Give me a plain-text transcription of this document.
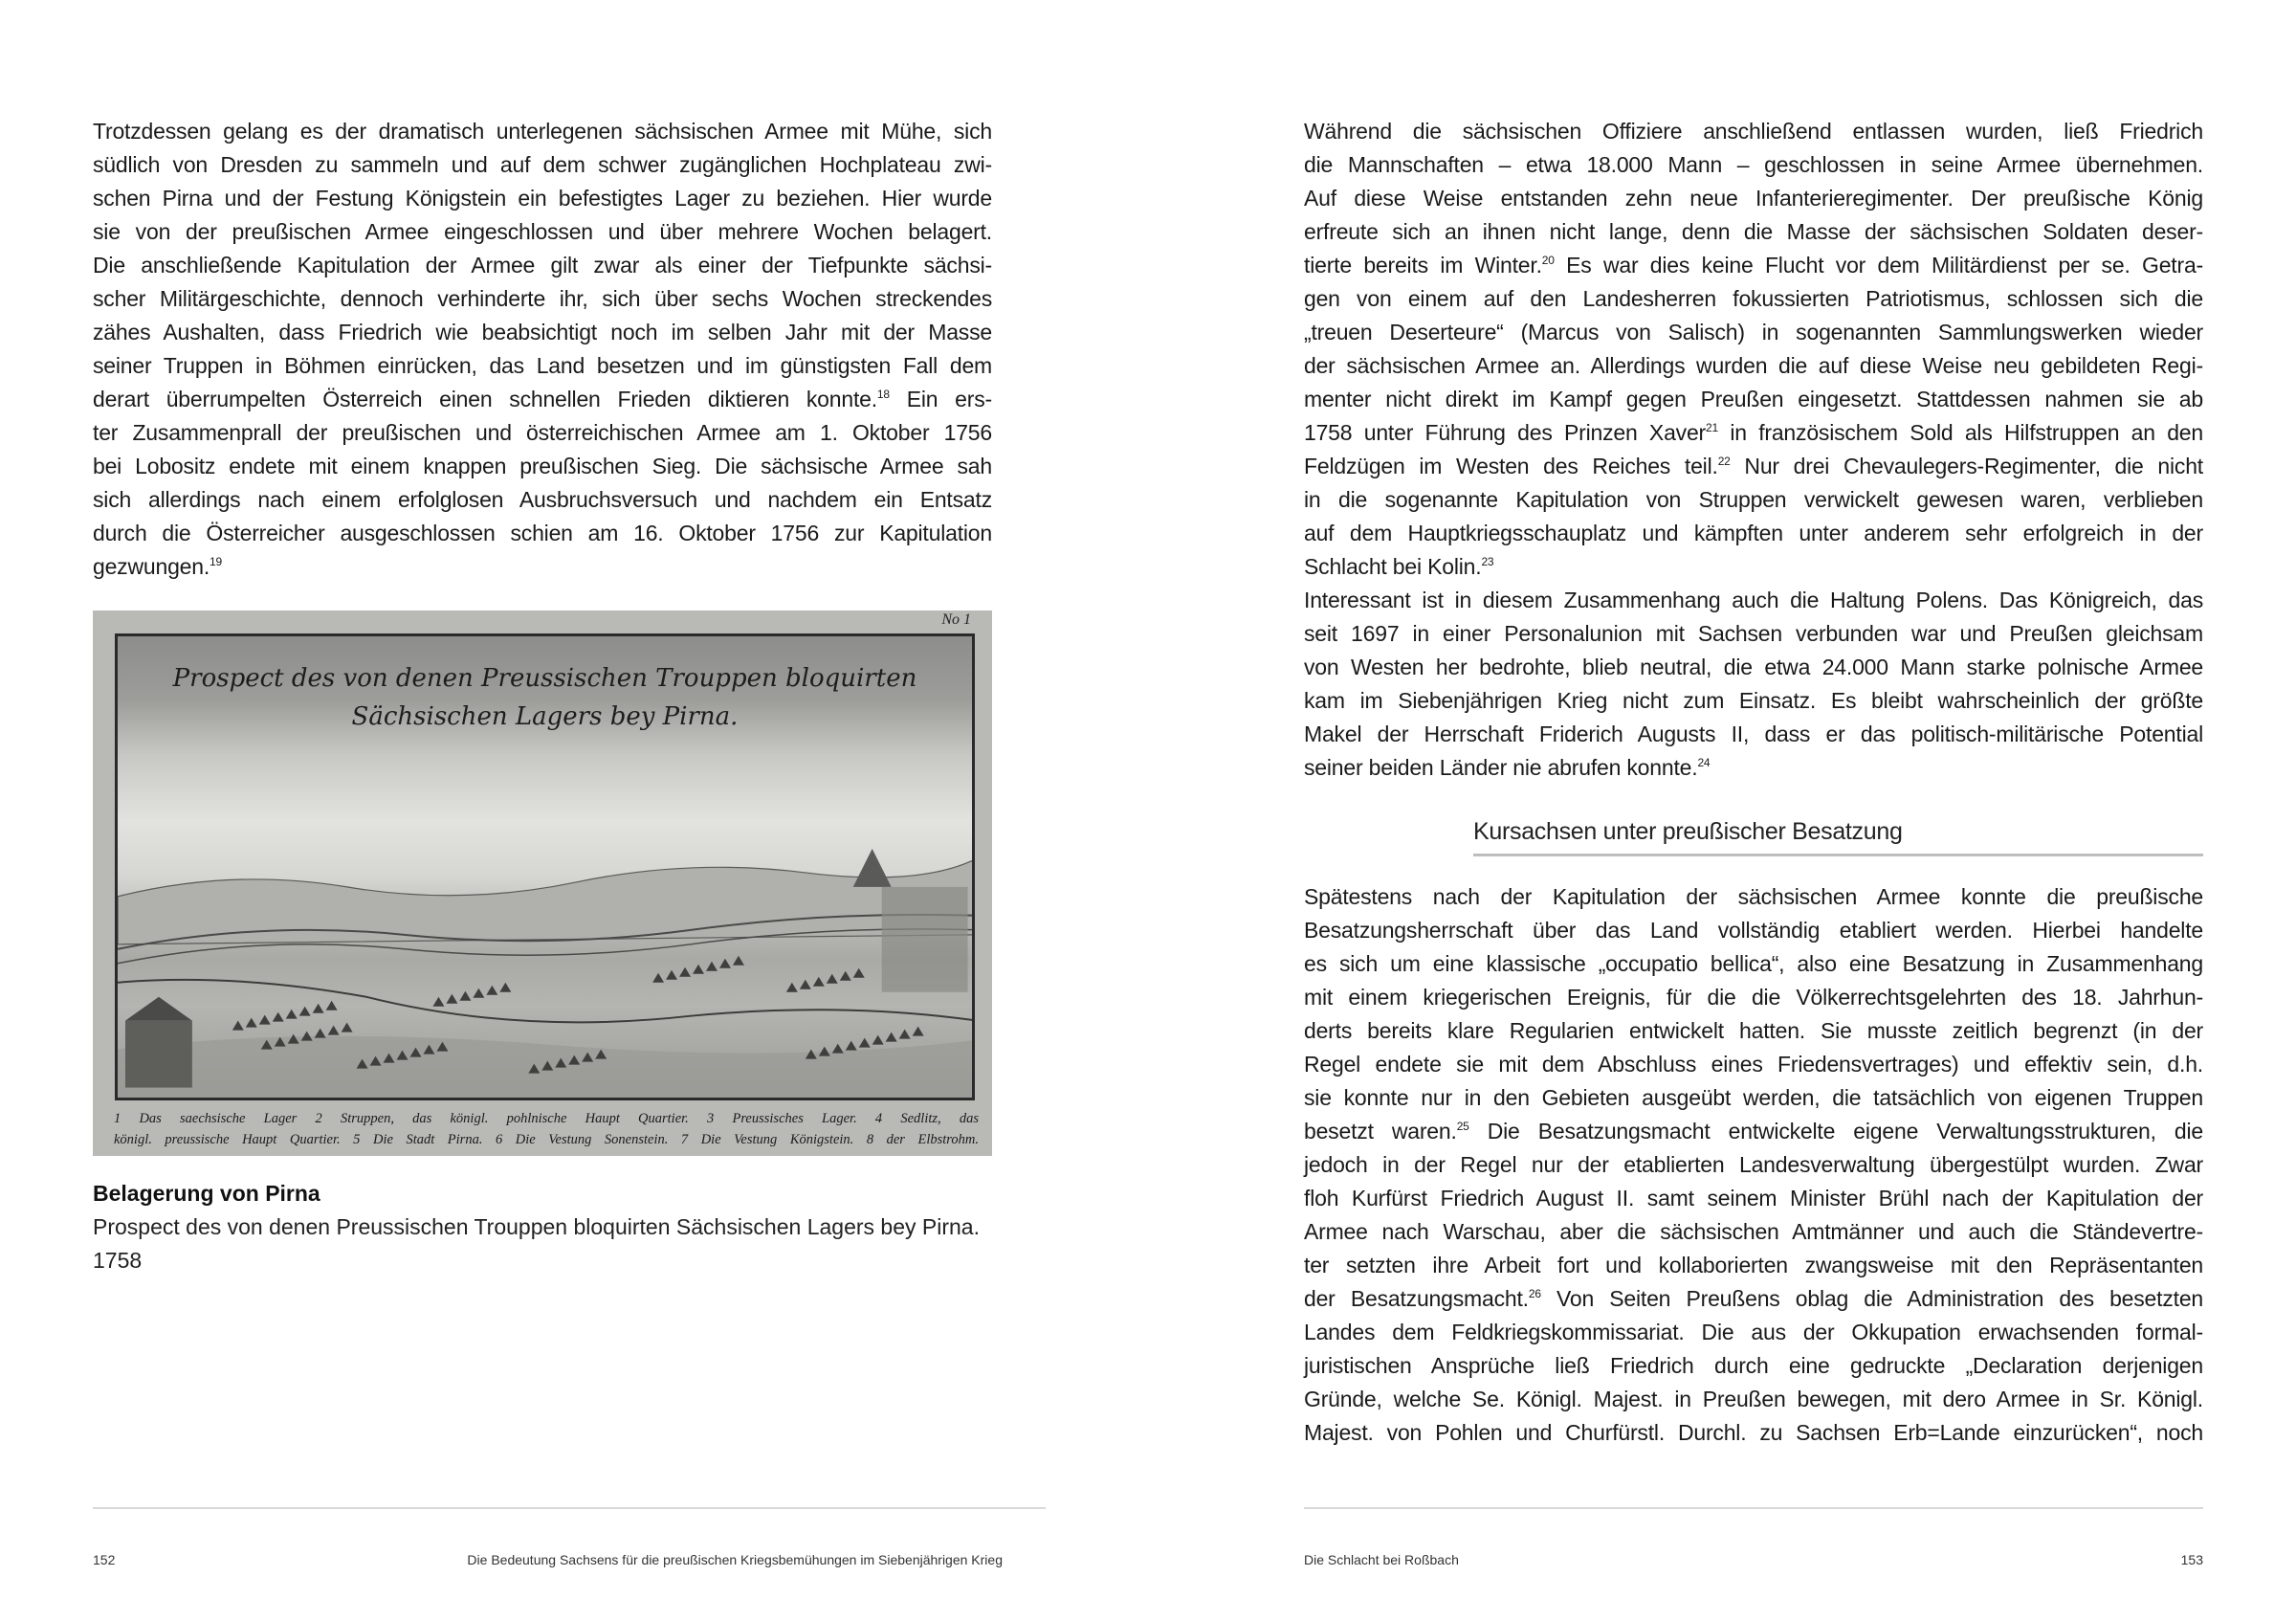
Trotzdessen gelang es der dramatisch unterlegenen sächsischen Armee mit Mühe, sich
südlich von Dresden zu sammeln und auf dem schwer zugänglichen Hochplateau zwi-
schen Pirna und der Festung Königstein ein befestigtes Lager zu beziehen. Hier wurde
sie von der preußischen Armee eingeschlossen und über mehrere Wochen belagert.
Die anschließende Kapitulation der Armee gilt zwar als einer der Tiefpunkte sächsi-
scher Militärgeschichte, dennoch verhinderte ihr, sich über sechs Wochen streckendes
zähes Aushalten, dass Friedrich wie beabsichtigt noch im selben Jahr mit der Masse
seiner Truppen in Böhmen einrücken, das Land besetzen und im günstigsten Fall dem
derart überrumpelten Österreich einen schnellen Frieden diktieren konnte.$^{18}$ Ein ers-
ter Zusammenprall der preußischen und österreichischen Armee am 1. Oktober 1756
bei Lobositz endete mit einem knappen preußischen Sieg. Die sächsische Armee sah
sich allerdings nach einem erfolglosen Ausbruchsversuch und nachdem ein Entsatz
durch die Österreicher ausgeschlossen schien am 16. Oktober 1756 zur Kapitulation
gezwungen.$^{19}$
No 1
Prospect des von denen Preussischen Trouppen bloquirten
Sächsischen Lagers bey Pirna.
1 Das saechsische Lager 2 Struppen, das königl. pohlnische Haupt Quartier. 3 Preussisches Lager. 4 Sedlitz, das
königl. preussische Haupt Quartier. 5 Die Stadt Pirna. 6 Die Vestung Sonenstein. 7 Die Vestung Königstein. 8 der Elbstrohm.
Belagerung von Pirna
Prospect des von denen Preussischen Trouppen bloquirten Sächsischen Lagers bey Pirna.
1758
152	Die Bedeutung Sachsens für die preußischen Kriegsbemühungen im Siebenjährigen Krieg
Während die sächsischen Offiziere anschließend entlassen wurden, ließ Friedrich
die Mannschaften – etwa 18.000 Mann – geschlossen in seine Armee übernehmen.
Auf diese Weise entstanden zehn neue Infanterieregimenter. Der preußische König
erfreute sich an ihnen nicht lange, denn die Masse der sächsischen Soldaten deser-
tierte bereits im Winter.$^{20}$ Es war dies keine Flucht vor dem Militärdienst per se. Getra-
gen von einem auf den Landesherren fokussierten Patriotismus, schlossen sich die
„treuen Deserteure“ (Marcus von Salisch) in sogenannten Sammlungswerken wieder
der sächsischen Armee an. Allerdings wurden die auf diese Weise neu gebildeten Regi-
menter nicht direkt im Kampf gegen Preußen eingesetzt. Stattdessen nahmen sie ab
1758 unter Führung des Prinzen Xaver$^{21}$ in französischem Sold als Hilfstruppen an den
Feldzügen im Westen des Reiches teil.$^{22}$ Nur drei Chevaulegers-Regimenter, die nicht
in die sogenannte Kapitulation von Struppen verwickelt gewesen waren, verblieben
auf dem Hauptkriegsschauplatz und kämpften unter anderem sehr erfolgreich in der
Schlacht bei Kolin.$^{23}$
Interessant ist in diesem Zusammenhang auch die Haltung Polens. Das Königreich, das
seit 1697 in einer Personalunion mit Sachsen verbunden war und Preußen gleichsam
von Westen her bedrohte, blieb neutral, die etwa 24.000 Mann starke polnische Armee
kam im Siebenjährigen Krieg nicht zum Einsatz. Es bleibt wahrscheinlich der größte
Makel der Herrschaft Friderich Augusts II, dass er das politisch-militärische Potential
seiner beiden Länder nie abrufen konnte.$^{24}$
Kursachsen unter preußischer Besatzung
Spätestens nach der Kapitulation der sächsischen Armee konnte die preußische
Besatzungsherrschaft über das Land vollständig etabliert werden. Hierbei handelte
es sich um eine klassische „occupatio bellica“, also eine Besatzung in Zusammenhang
mit einem kriegerischen Ereignis, für die die Völkerrechtsgelehrten des 18. Jahrhun-
derts bereits klare Regularien entwickelt hatten. Sie musste zeitlich begrenzt (in der
Regel endete sie mit dem Abschluss eines Friedensvertrages) und effektiv sein, d.h.
sie konnte nur in den Gebieten ausgeübt werden, die tatsächlich von eigenen Truppen
besetzt waren.$^{25}$ Die Besatzungsmacht entwickelte eigene Verwaltungsstrukturen, die
jedoch in der Regel nur der etablierten Landesverwaltung übergestülpt wurden. Zwar
floh Kurfürst Friedrich August II. samt seinem Minister Brühl nach der Kapitulation der
Armee nach Warschau, aber die sächsischen Amtmänner und auch die Ständevertre-
ter setzten ihre Arbeit fort und kollaborierten zwangsweise mit den Repräsentanten
der Besatzungsmacht.$^{26}$ Von Seiten Preußens oblag die Administration des besetzten
Landes dem Feldkriegskommissariat. Die aus der Okkupation erwachsenden formal-
juristischen Ansprüche ließ Friedrich durch eine gedruckte „Declaration derjenigen
Gründe, welche Se. Königl. Majest. in Preußen bewegen, mit dero Armee in Sr. Königl.
Majest. von Pohlen und Churfürstl. Durchl. zu Sachsen Erb=Lande einzurücken“, noch
Die Schlacht bei Roßbach	153
